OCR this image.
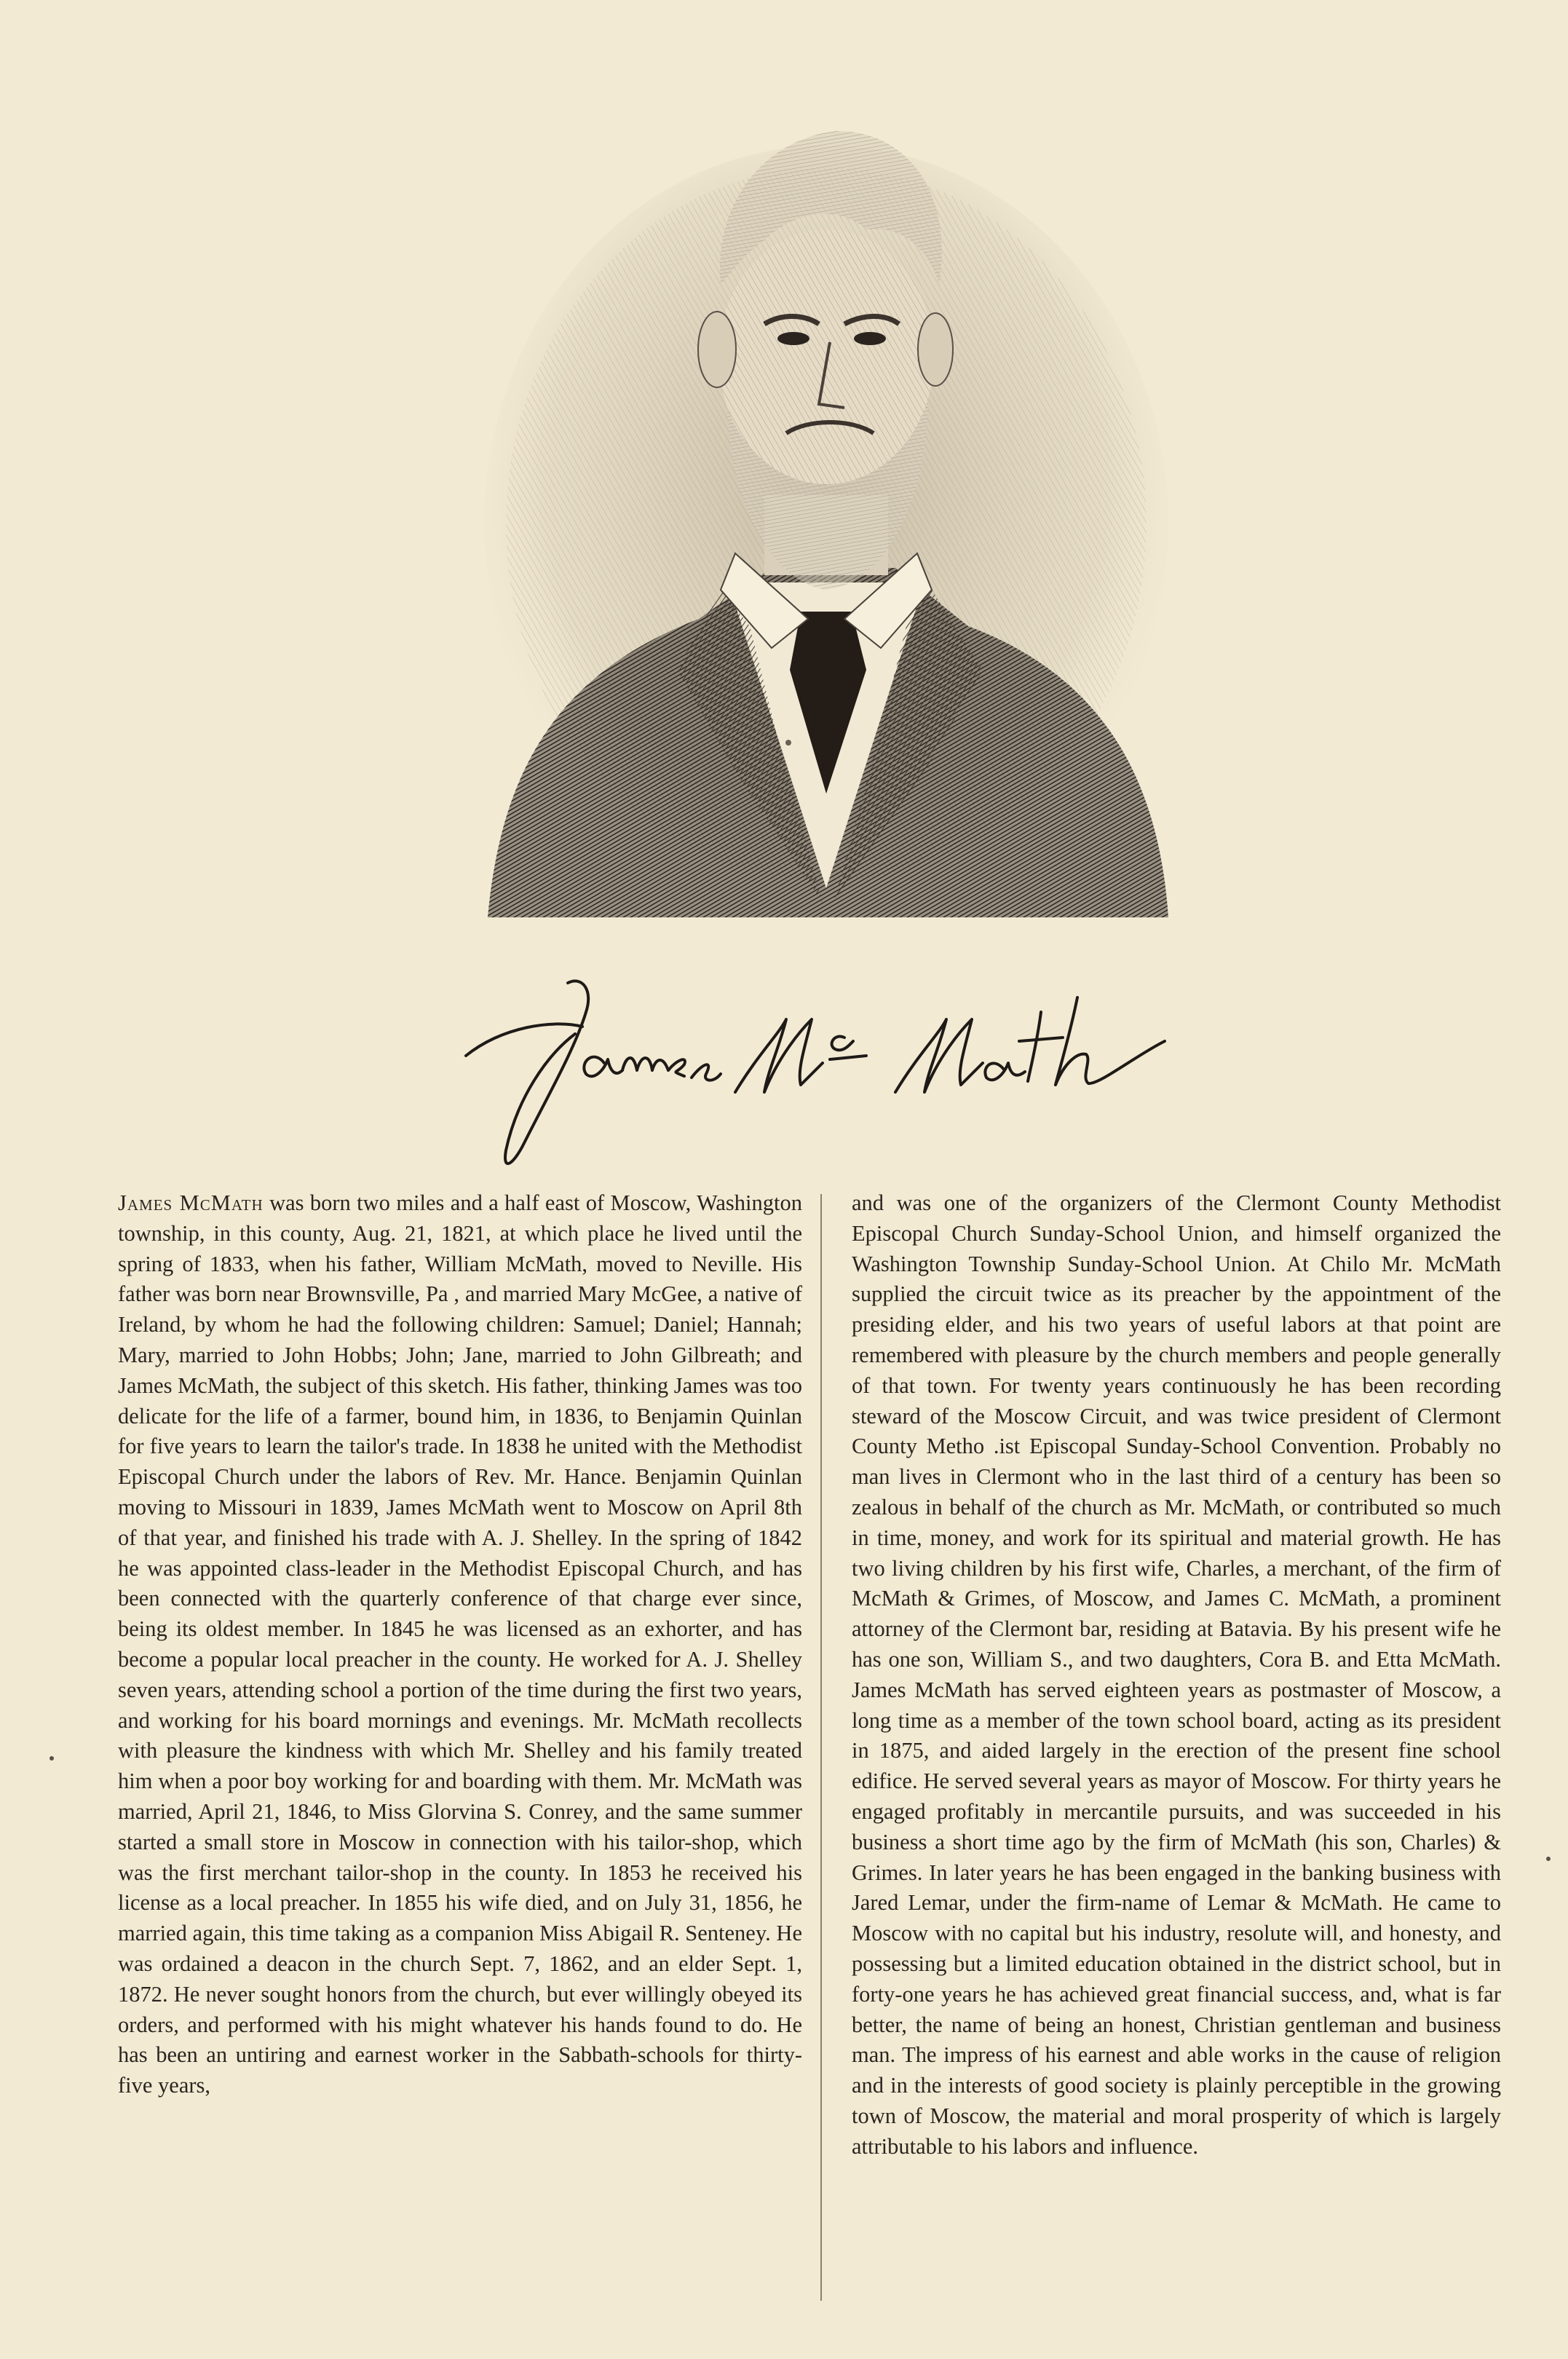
James McMath was born two miles and a half east of Moscow, Washington township, in this county, Aug. 21, 1821, at which place he lived until the spring of 1833, when his father, William McMath, moved to Neville. His father was born near Brownsville, Pa , and married Mary McGee, a native of Ireland, by whom he had the following children: Samuel; Daniel; Hannah; Mary, married to John Hobbs; John; Jane, married to John Gilbreath; and James McMath, the subject of this sketch. His father, thinking James was too delicate for the life of a farmer, bound him, in 1836, to Benjamin Quinlan for five years to learn the tailor's trade. In 1838 he united with the Methodist Episcopal Church under the labors of Rev. Mr. Hance. Benjamin Quinlan moving to Missouri in 1839, James McMath went to Moscow on April 8th of that year, and finished his trade with A. J. Shelley. In the spring of 1842 he was appointed class-leader in the Methodist Episcopal Church, and has been connected with the quarterly conference of that charge ever since, being its oldest member. In 1845 he was licensed as an exhorter, and has become a popular local preacher in the county. He worked for A. J. Shelley seven years, attending school a portion of the time during the first two years, and working for his board mornings and evenings. Mr. McMath recollects with pleasure the kindness with which Mr. Shelley and his family treated him when a poor boy working for and boarding with them. Mr. McMath was married, April 21, 1846, to Miss Glorvina S. Conrey, and the same summer started a small store in Moscow in connection with his tailor-shop, which was the first merchant tailor-shop in the county. In 1853 he received his license as a local preacher. In 1855 his wife died, and on July 31, 1856, he married again, this time taking as a companion Miss Abigail R. Senteney. He was ordained a deacon in the church Sept. 7, 1862, and an elder Sept. 1, 1872. He never sought honors from the church, but ever willingly obeyed its orders, and performed with his might whatever his hands found to do. He has been an untiring and earnest worker in the Sabbath-schools for thirty-five years,
and was one of the organizers of the Clermont County Methodist Episcopal Church Sunday-School Union, and himself organized the Washington Township Sunday-School Union. At Chilo Mr. McMath supplied the circuit twice as its preacher by the appointment of the presiding elder, and his two years of useful labors at that point are remembered with pleasure by the church members and people generally of that town. For twenty years continuously he has been recording steward of the Moscow Circuit, and was twice president of Clermont County Metho .ist Episcopal Sunday-School Convention. Probably no man lives in Clermont who in the last third of a century has been so zealous in behalf of the church as Mr. McMath, or contributed so much in time, money, and work for its spiritual and material growth. He has two living children by his first wife, Charles, a merchant, of the firm of McMath & Grimes, of Moscow, and James C. McMath, a prominent attorney of the Clermont bar, residing at Batavia. By his present wife he has one son, William S., and two daughters, Cora B. and Etta McMath. James McMath has served eighteen years as postmaster of Moscow, a long time as a member of the town school board, acting as its president in 1875, and aided largely in the erection of the present fine school edifice. He served several years as mayor of Moscow. For thirty years he engaged profitably in mercantile pursuits, and was succeeded in his business a short time ago by the firm of McMath (his son, Charles) & Grimes. In later years he has been engaged in the banking business with Jared Lemar, under the firm-name of Lemar & McMath. He came to Moscow with no capital but his industry, resolute will, and honesty, and possessing but a limited education obtained in the district school, but in forty-one years he has achieved great financial success, and, what is far better, the name of being an honest, Christian gentleman and business man. The impress of his earnest and able works in the cause of religion and in the interests of good society is plainly perceptible in the growing town of Moscow, the material and moral prosperity of which is largely attributable to his labors and influence.
